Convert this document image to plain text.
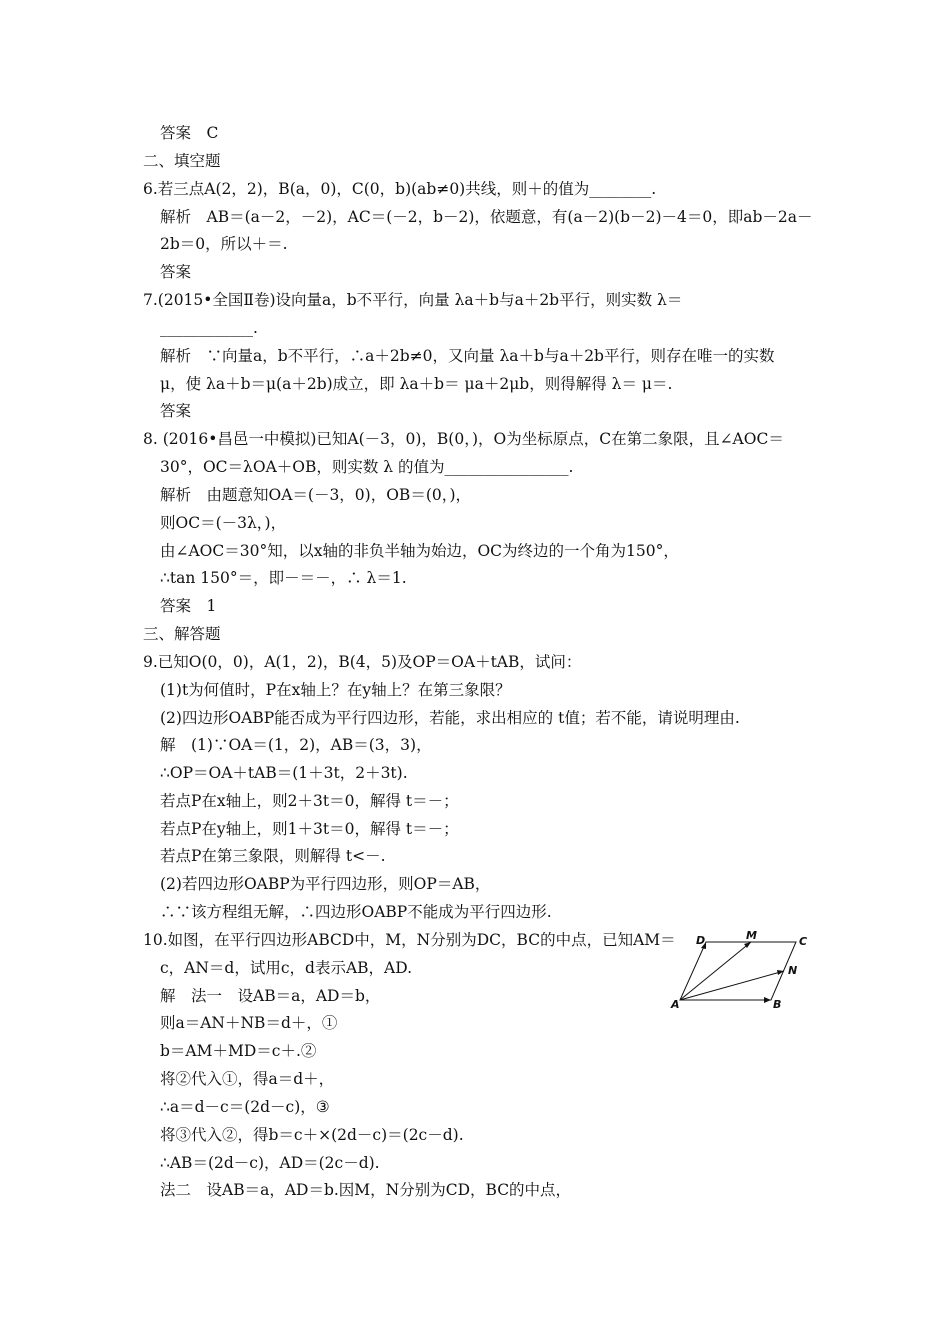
答案　C
二、填空题
6.若三点A(2，2)，B(a，0)，C(0，b)(ab≠0)共线，则＋的值为________.
解析　AB＝(a－2，－2)，AC＝(－2，b－2)，依题意，有(a－2)(b－2)－4＝0，即ab－2a－
2b＝0，所以＋＝.
答案
7.(2015•全国Ⅱ卷)设向量a，b不平行，向量 λa＋b与a＋2b平行，则实数 λ＝
____________.
解析　∵向量a，b不平行，∴a＋2b≠0，又向量 λa＋b与a＋2b平行，则存在唯一的实数
μ，使 λa＋b＝μ(a＋2b)成立，即 λa＋b＝ μa＋2μb，则得解得 λ＝ μ＝.
答案
8. (2016•昌邑一中模拟)已知A(－3，0)，B(0，)，O为坐标原点，C在第二象限，且∠AOC＝
30°，OC＝λOA＋OB，则实数 λ 的值为________________.
解析　由题意知OA＝(－3，0)，OB＝(0，)，
则OC＝(－3λ，)，
由∠AOC＝30°知，以x轴的非负半轴为始边，OC为终边的一个角为150°，
∴tan 150°＝，即－＝－，∴ λ＝1.
答案　1
三、解答题
9.已知O(0，0)，A(1，2)，B(4，5)及OP＝OA＋tAB，试问：
(1)t为何值时，P在x轴上？在y轴上？在第三象限？
(2)四边形OABP能否成为平行四边形，若能，求出相应的 t值；若不能，请说明理由.
解　(1)∵OA＝(1，2)，AB＝(3，3)，
∴OP＝OA＋tAB＝(1＋3t，2＋3t).
若点P在x轴上，则2＋3t＝0，解得 t＝－；
若点P在y轴上，则1＋3t＝0，解得 t＝－；
若点P在第三象限，则解得 t<－.
(2)若四边形OABP为平行四边形，则OP＝AB，
∴∵该方程组无解，∴四边形OABP不能成为平行四边形.
10.如图，在平行四边形ABCD中，M，N分别为DC，BC的中点，已知AM＝
c，AN＝d，试用c，d表示AB，AD.
解　法一　设AB＝a，AD＝b，
则a＝AN＋NB＝d＋，①
b＝AM＋MD＝c＋.②
将②代入①，得a＝d＋，
∴a＝d－c＝(2d－c)，③
将③代入②，得b＝c＋×(2d－c)＝(2c－d).
∴AB＝(2d－c)，AD＝(2c－d).
法二　设AB＝a，AD＝b.因M，N分别为CD，BC的中点，
A	B
C
D	M
N
